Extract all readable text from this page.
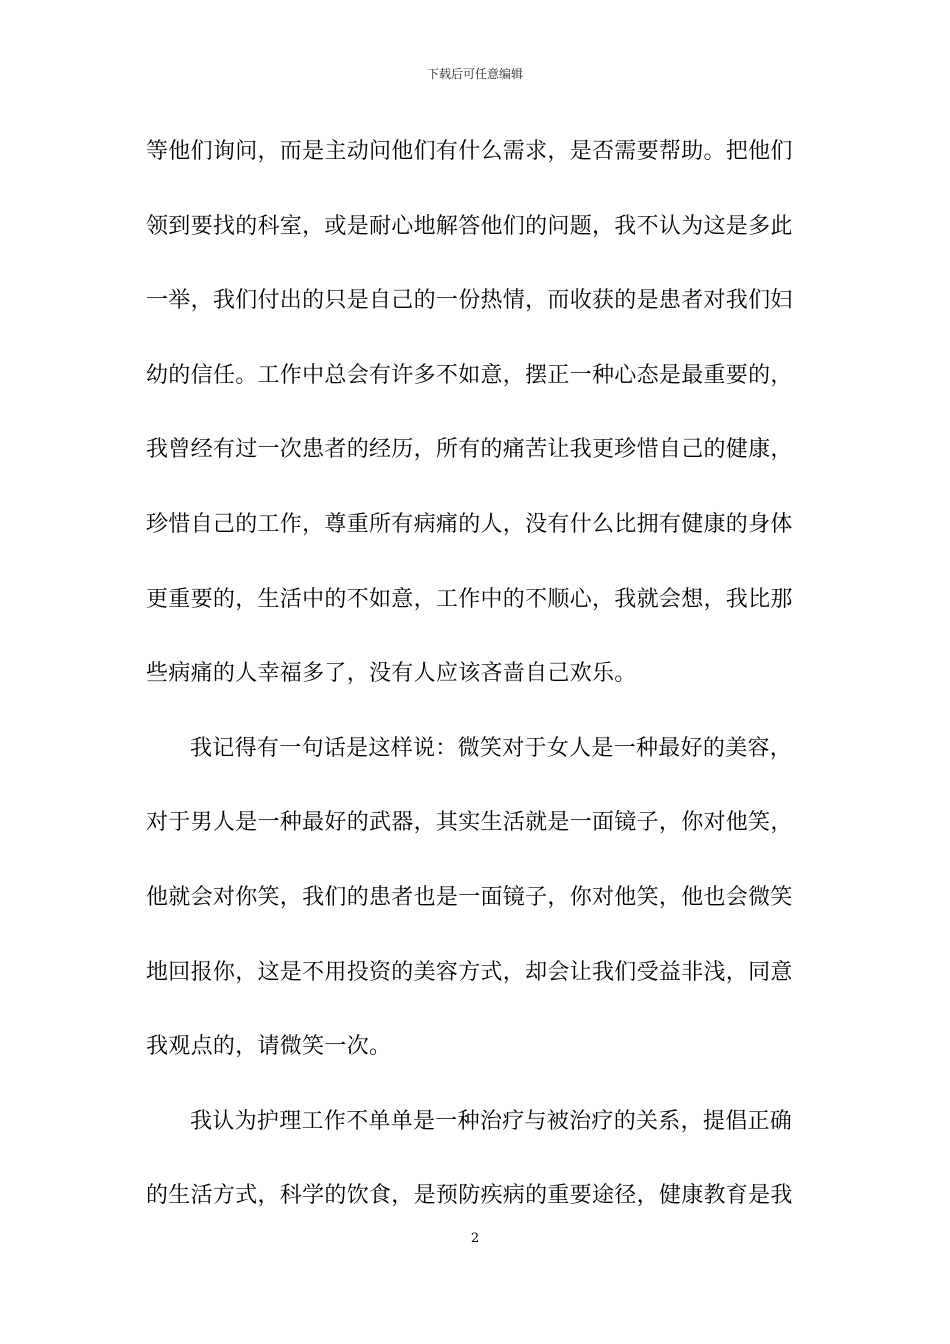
下载后可任意编辑
等他们询问，而是主动问他们有什么需求，是否需要帮助。把他们
领到要找的科室，或是耐心地解答他们的问题，我不认为这是多此
一举，我们付出的只是自己的一份热情，而收获的是患者对我们妇
幼的信任。工作中总会有许多不如意，摆正一种心态是最重要的，
我曾经有过一次患者的经历，所有的痛苦让我更珍惜自己的健康，
珍惜自己的工作，尊重所有病痛的人，没有什么比拥有健康的身体
更重要的，生活中的不如意，工作中的不顺心，我就会想，我比那
些病痛的人幸福多了，没有人应该吝啬自己欢乐。
我记得有一句话是这样说：微笑对于女人是一种最好的美容，
对于男人是一种最好的武器，其实生活就是一面镜子，你对他笑，
他就会对你笑，我们的患者也是一面镜子，你对他笑，他也会微笑
地回报你，这是不用投资的美容方式，却会让我们受益非浅，同意
我观点的，请微笑一次。
我认为护理工作不单单是一种治疗与被治疗的关系，提倡正确
的生活方式，科学的饮食，是预防疾病的重要途径，健康教育是我
2
